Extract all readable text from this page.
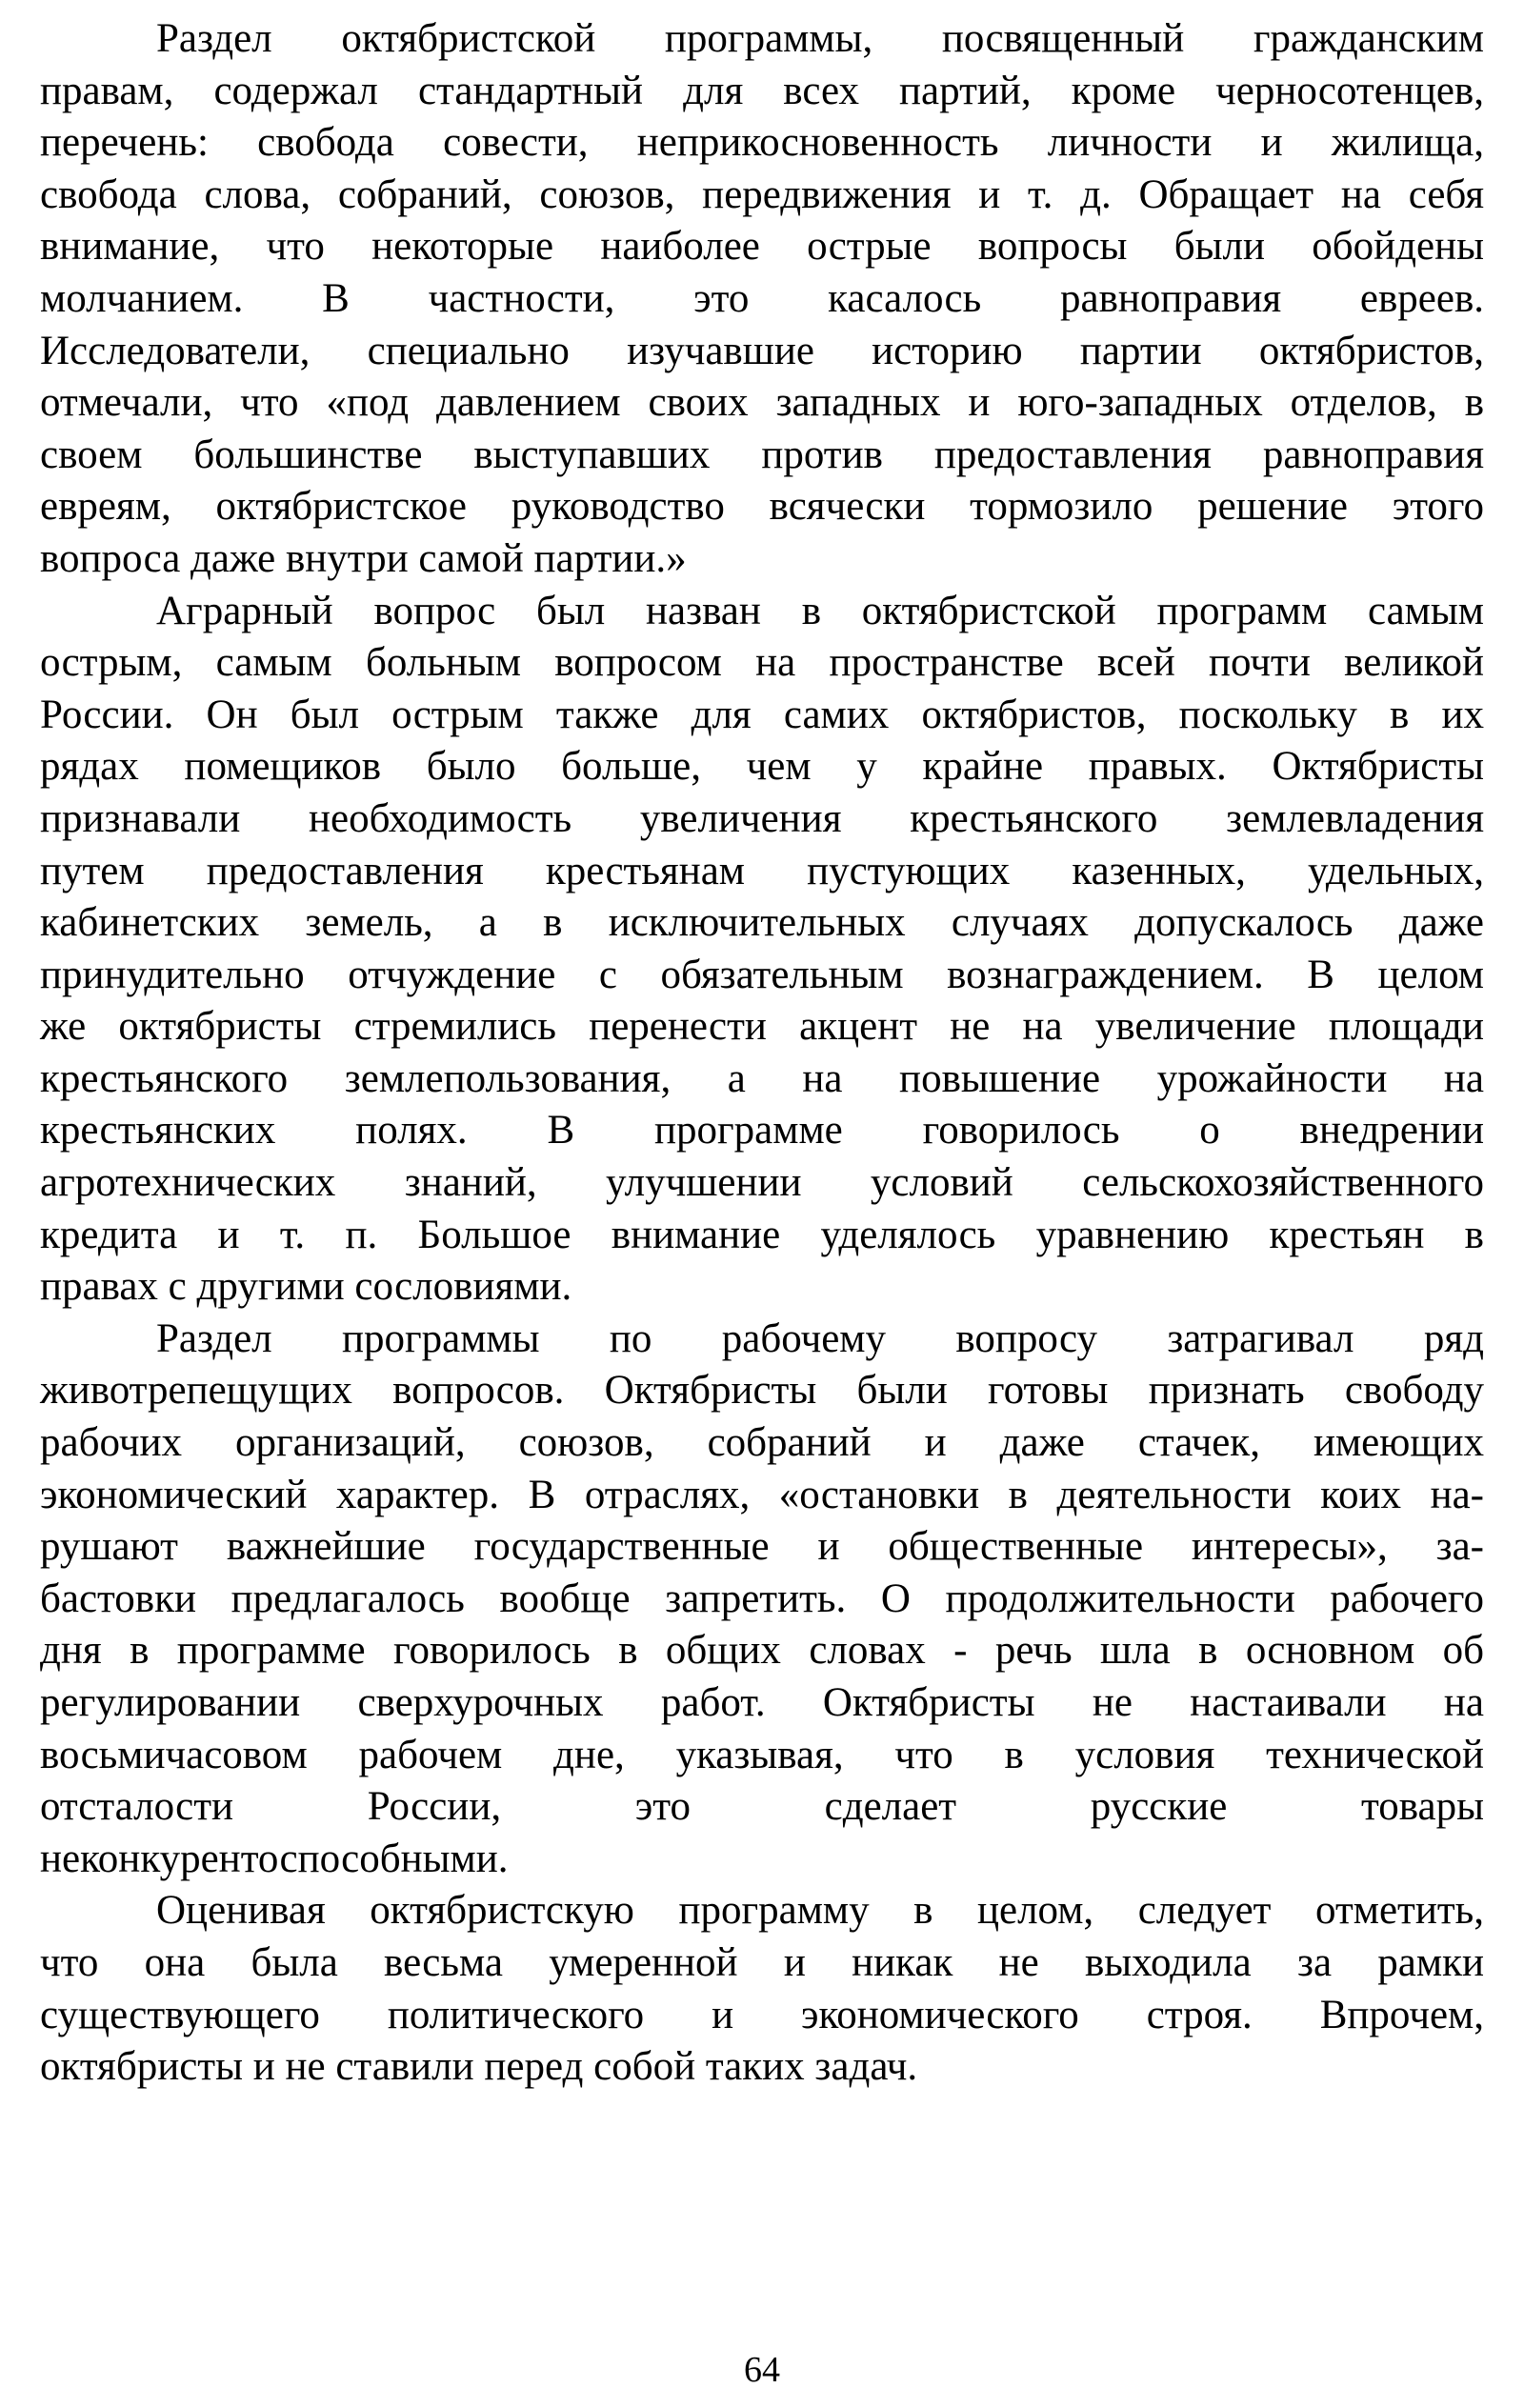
Раздел октябристской программы, посвященный гражданским
правам, содержал стандартный для всех партий, кроме черносотенцев,
перечень: свобода совести, неприкосновенность личности и жилища,
свобода слова, собраний, союзов, передвижения и т. д. Обращает на себя
внимание, что некоторые наиболее острые вопросы были обойдены
молчанием. В частности, это касалось равноправия евреев.
Исследователи, специально изучавшие историю партии октябристов,
отмечали, что «под давлением своих западных и юго-западных отделов, в
своем большинстве выступавших против предоставления равноправия
евреям, октябристское руководство всячески тормозило решение этого
вопроса даже внутри самой партии.»
Аграрный вопрос был назван в октябристской программ самым
острым, самым больным вопросом на пространстве всей почти великой
России. Он был острым также для самих октябристов, поскольку в их
рядах помещиков было больше, чем у крайне правых. Октябристы
признавали необходимость увеличения крестьянского землевладения
путем предоставления крестьянам пустующих казенных, удельных,
кабинетских земель, а в исключительных случаях допускалось даже
принудительно отчуждение с обязательным вознаграждением. В целом
же октябристы стремились перенести акцент не на увеличение площади
крестьянского землепользования, а на повышение урожайности на
крестьянских полях. В программе говорилось о внедрении
агротехнических знаний, улучшении условий сельскохозяйственного
кредита и т. п. Большое внимание уделялось уравнению крестьян в
правах с другими сословиями.
Раздел программы по рабочему вопросу затрагивал ряд
животрепещущих вопросов. Октябристы были готовы признать свободу
рабочих организаций, союзов, собраний и даже стачек, имеющих
экономический характер. В отраслях, «остановки в деятельности коих на-
рушают важнейшие государственные и общественные интересы», за-
бастовки предлагалось вообще запретить. О продолжительности рабочего
дня в программе говорилось в общих словах - речь шла в основном об
регулировании сверхурочных работ. Октябристы не настаивали на
восьмичасовом рабочем дне, указывая, что в условия технической
отсталости России, это сделает русские товары
неконкурентоспособными.
Оценивая октябристскую программу в целом, следует отметить,
что она была весьма умеренной и никак не выходила за рамки
существующего политического и экономического строя. Впрочем,
октябристы и не ставили перед собой таких задач.
64
